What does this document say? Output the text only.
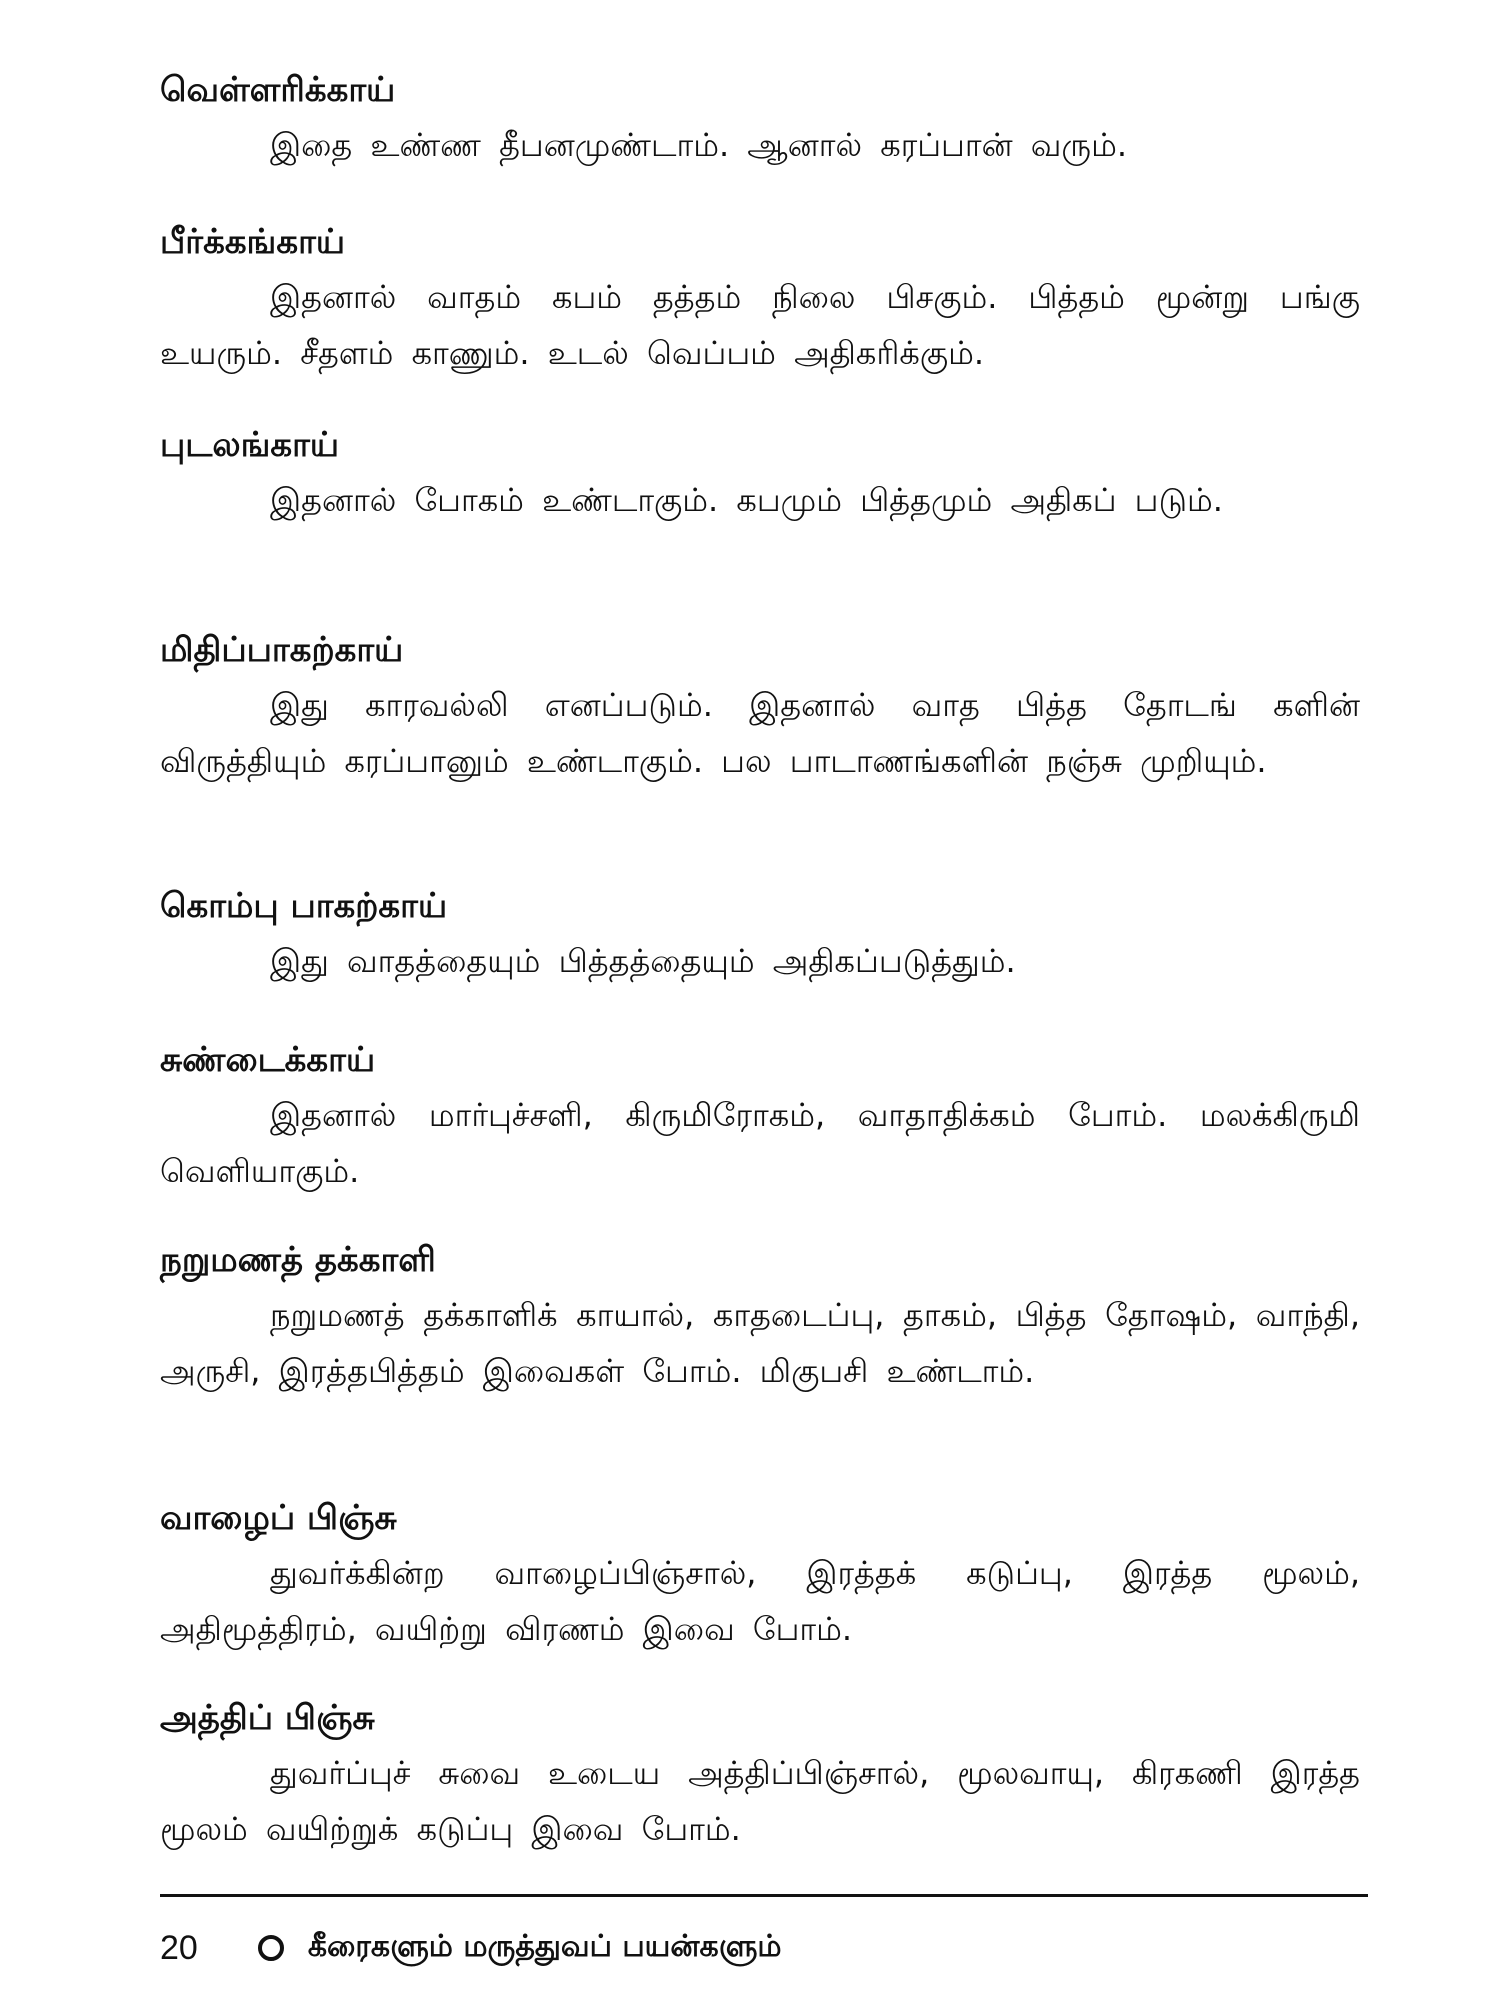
வெள்ளரிக்காய்

இதை உண்ண தீபனமுண்டாம். ஆனால் கரப்பான் வரும்.

பீர்க்கங்காய்

இதனால் வாதம் கபம் தத்தம் நிலை பிசகும். பித்தம் மூன்று பங்கு உயரும். சீதளம் காணும். உடல் வெப்பம் அதிகரிக்கும்.

புடலங்காய்

இதனால் போகம் உண்டாகும். கபமும் பித்தமும் அதிகப் படும்.

மிதிப்பாகற்காய்

இது காரவல்லி எனப்படும். இதனால் வாத பித்த தோடங் களின் விருத்தியும் கரப்பானும் உண்டாகும். பல பாடாணங்களின் நஞ்சு முறியும்.

கொம்பு பாகற்காய்

இது வாதத்தையும் பித்தத்தையும் அதிகப்படுத்தும்.

சுண்டைக்காய்

இதனால் மார்புச்சளி, கிருமிரோகம், வாதாதிக்கம் போம். மலக்கிருமி வெளியாகும்.

நறுமணத் தக்காளி

நறுமணத் தக்காளிக் காயால், காதடைப்பு, தாகம், பித்த தோஷம், வாந்தி, அருசி, இரத்தபித்தம் இவைகள் போம். மிகுபசி உண்டாம்.

வாழைப் பிஞ்சு

துவர்க்கின்ற வாழைப்பிஞ்சால், இரத்தக் கடுப்பு, இரத்த மூலம், அதிமூத்திரம், வயிற்று விரணம் இவை போம்.

அத்திப் பிஞ்சு

துவர்ப்புச் சுவை உடைய அத்திப்பிஞ்சால், மூலவாயு, கிரகணி இரத்த மூலம் வயிற்றுக் கடுப்பு இவை போம்.

20	கீரைகளும் மருத்துவப் பயன்களும்
